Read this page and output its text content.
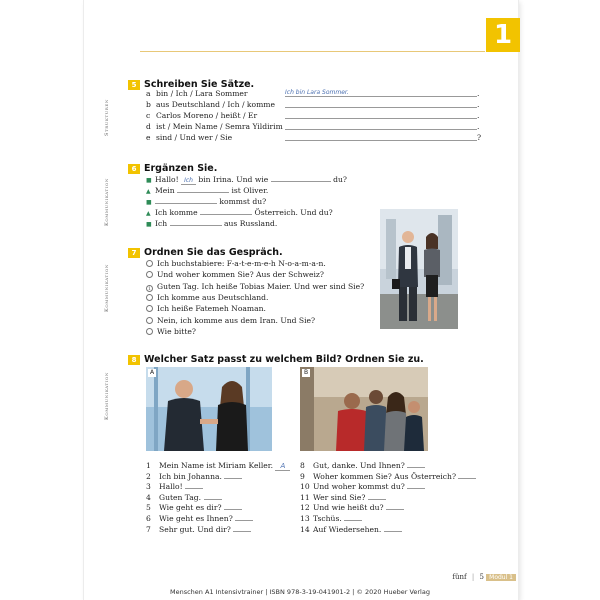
1
5 Schreiben Sie Sätze.
Strukturen
6 Ergänzen Sie.
Kommunikation
7 Ordnen Sie das Gespräch.
Kommunikation
8 Welcher Satz passt zu welchem Bild? Ordnen Sie zu.
Kommunikation	A	B
fünf | 5 Modul 1
Menschen A1 Intensivtrainer | ISBN 978-3-19-041901-2 | © 2020 Hueber Verlag
a bin / Ich / Lara Sommer	Ich bin Lara Sommer.	.
b aus Deutschland / Ich / komme	.
c Carlos Moreno / heißt / Er	.
d ist / Mein Name / Semra Yildirim	.
e sind / Und wer / Sie	?
■ Hallo! Ich bin Irina. Und wie	du?
▲ Mein	ist Oliver.
■	kommst du?
▲ Ich komme	Österreich. Und du?
■ Ich	aus Russland.
Ich buchstabiere: F-a-t-e-m-e-h N-o-a-m-a-n.
Und woher kommen Sie? Aus der Schweiz?
1 Guten Tag. Ich heiße Tobias Maier. Und wer sind Sie?
Ich komme aus Deutschland.
Ich heiße Fatemeh Noaman.
Nein, ich komme aus dem Iran. Und Sie?
Wie bitte?
1 Mein Name ist Miriam Keller. A
2 Ich bin Johanna.
3 Hallo!
4 Guten Tag.
5 Wie geht es dir?
6 Wie geht es Ihnen?
7 Sehr gut. Und dir?
8 Gut, danke. Und Ihnen?
9 Woher kommen Sie? Aus Österreich?
10 Und woher kommst du?
11 Wer sind Sie?
12 Und wie heißt du?
13 Tschüs.
14 Auf Wiedersehen.
